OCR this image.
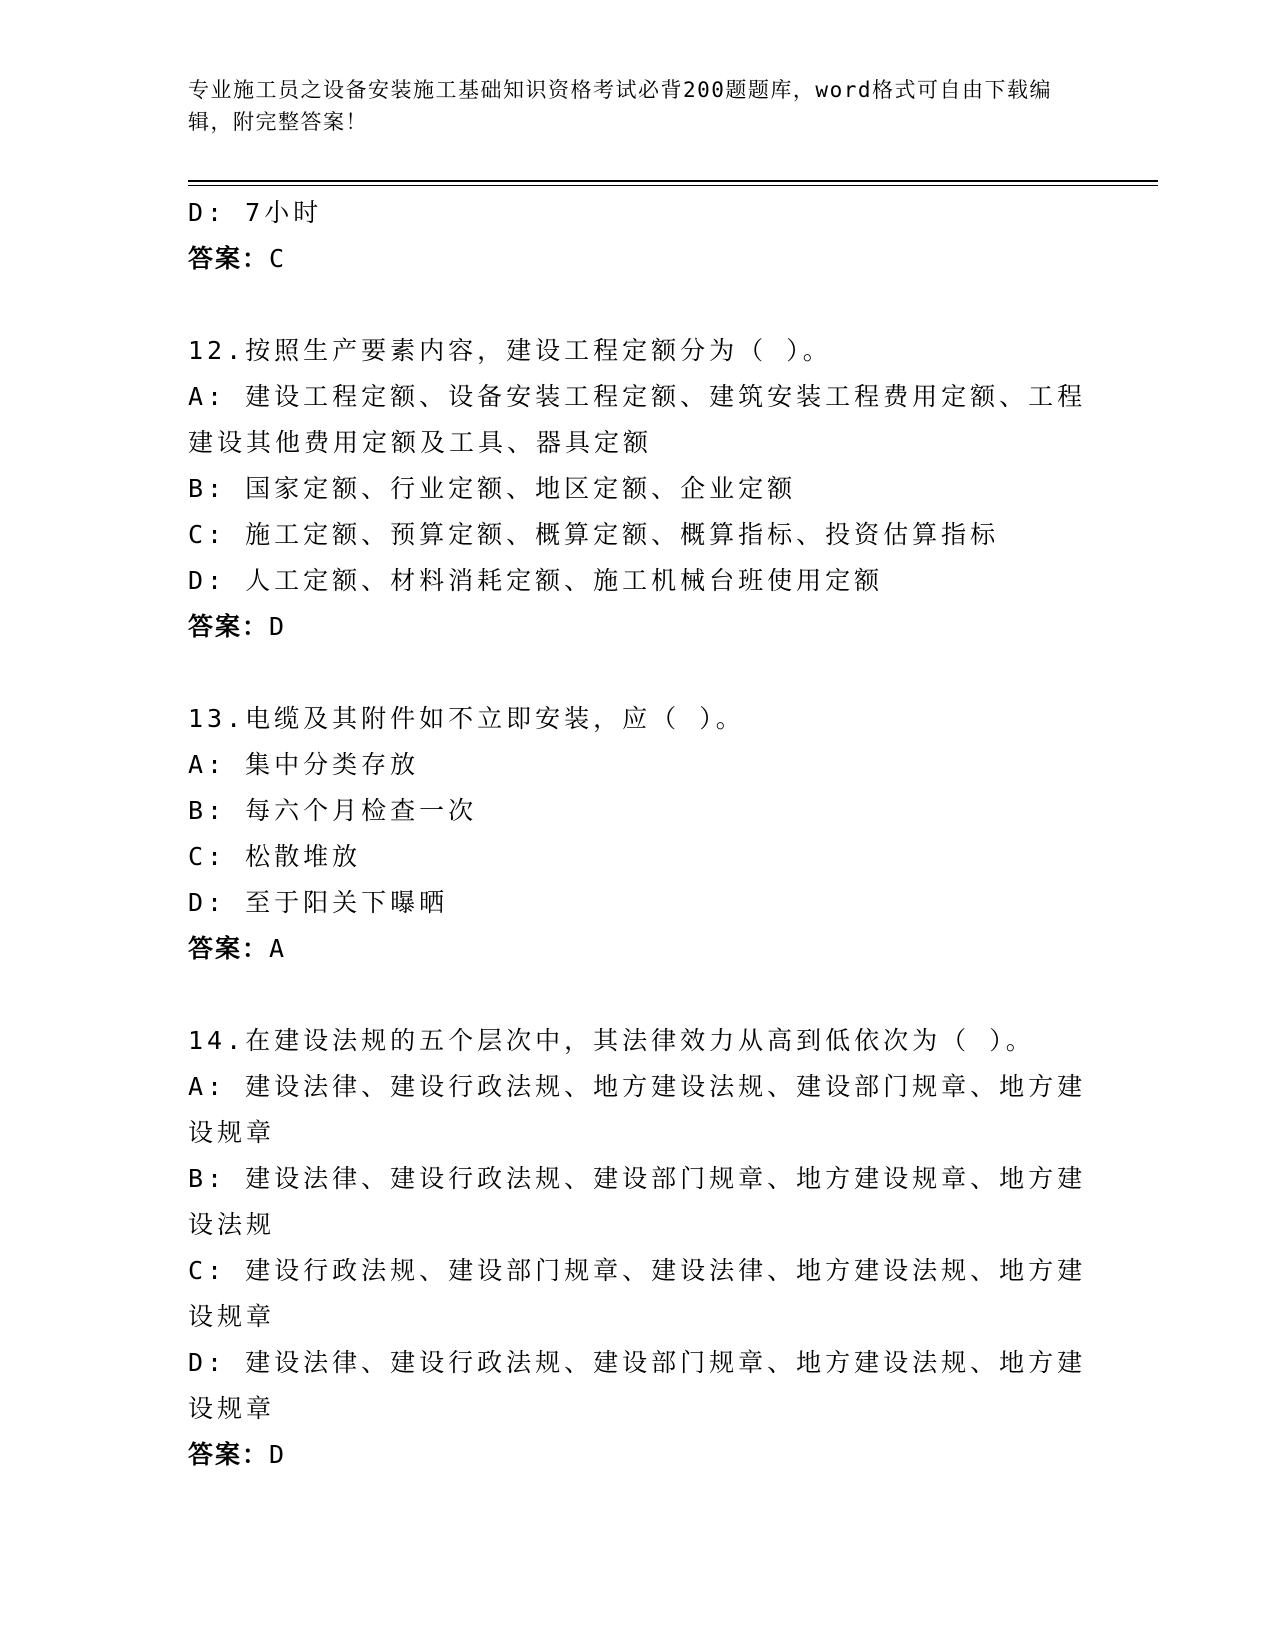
专业施工员之设备安装施工基础知识资格考试必背200题题库，word格式可自由下载编辑，附完整答案！
D: 7小时
答案：C
12.按照生产要素内容，建设工程定额分为（ ）。
A: 建设工程定额、设备安装工程定额、建筑安装工程费用定额、工程建设其他费用定额及工具、器具定额
B: 国家定额、行业定额、地区定额、企业定额
C: 施工定额、预算定额、概算定额、概算指标、投资估算指标
D: 人工定额、材料消耗定额、施工机械台班使用定额
答案：D
13.电缆及其附件如不立即安装，应（ ）。
A: 集中分类存放
B: 每六个月检查一次
C: 松散堆放
D: 至于阳关下曝晒
答案：A
14.在建设法规的五个层次中，其法律效力从高到低依次为（ ）。
A: 建设法律、建设行政法规、地方建设法规、建设部门规章、地方建设规章
B: 建设法律、建设行政法规、建设部门规章、地方建设规章、地方建设法规
C: 建设行政法规、建设部门规章、建设法律、地方建设法规、地方建设规章
D: 建设法律、建设行政法规、建设部门规章、地方建设法规、地方建设规章
答案：D
